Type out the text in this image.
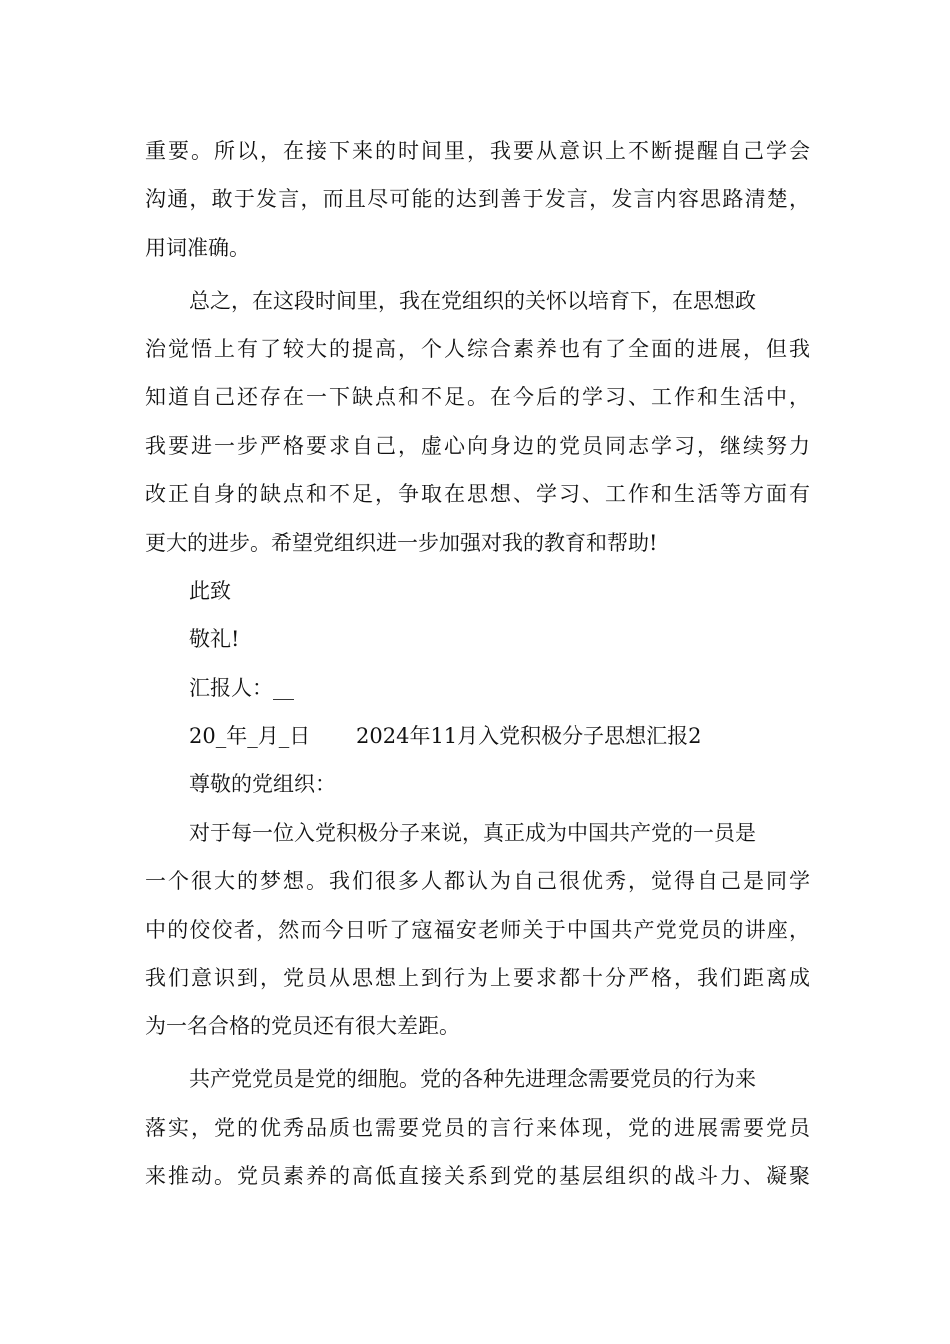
重要。所以，在接下来的时间里，我要从意识上不断提醒自己学会
沟通，敢于发言，而且尽可能的达到善于发言，发言内容思路清楚，
用词准确。
总之，在这段时间里，我在党组织的关怀以培育下，在思想政
治觉悟上有了较大的提高，个人综合素养也有了全面的进展，但我
知道自己还存在一下缺点和不足。在今后的学习、工作和生活中，
我要进一步严格要求自己，虚心向身边的党员同志学习，继续努力
改正自身的缺点和不足，争取在思想、学习、工作和生活等方面有
更大的进步。希望党组织进一步加强对我的教育和帮助!
此致
敬礼!
汇报人：__
20_年_月_日	2024年11月入党积极分子思想汇报2
尊敬的党组织：
对于每一位入党积极分子来说，真正成为中国共产党的一员是
一个很大的梦想。我们很多人都认为自己很优秀，觉得自己是同学
中的佼佼者，然而今日听了寇福安老师关于中国共产党党员的讲座，
我们意识到，党员从思想上到行为上要求都十分严格，我们距离成
为一名合格的党员还有很大差距。
共产党党员是党的细胞。党的各种先进理念需要党员的行为来
落实，党的优秀品质也需要党员的言行来体现，党的进展需要党员
来推动。党员素养的高低直接关系到党的基层组织的战斗力、凝聚
